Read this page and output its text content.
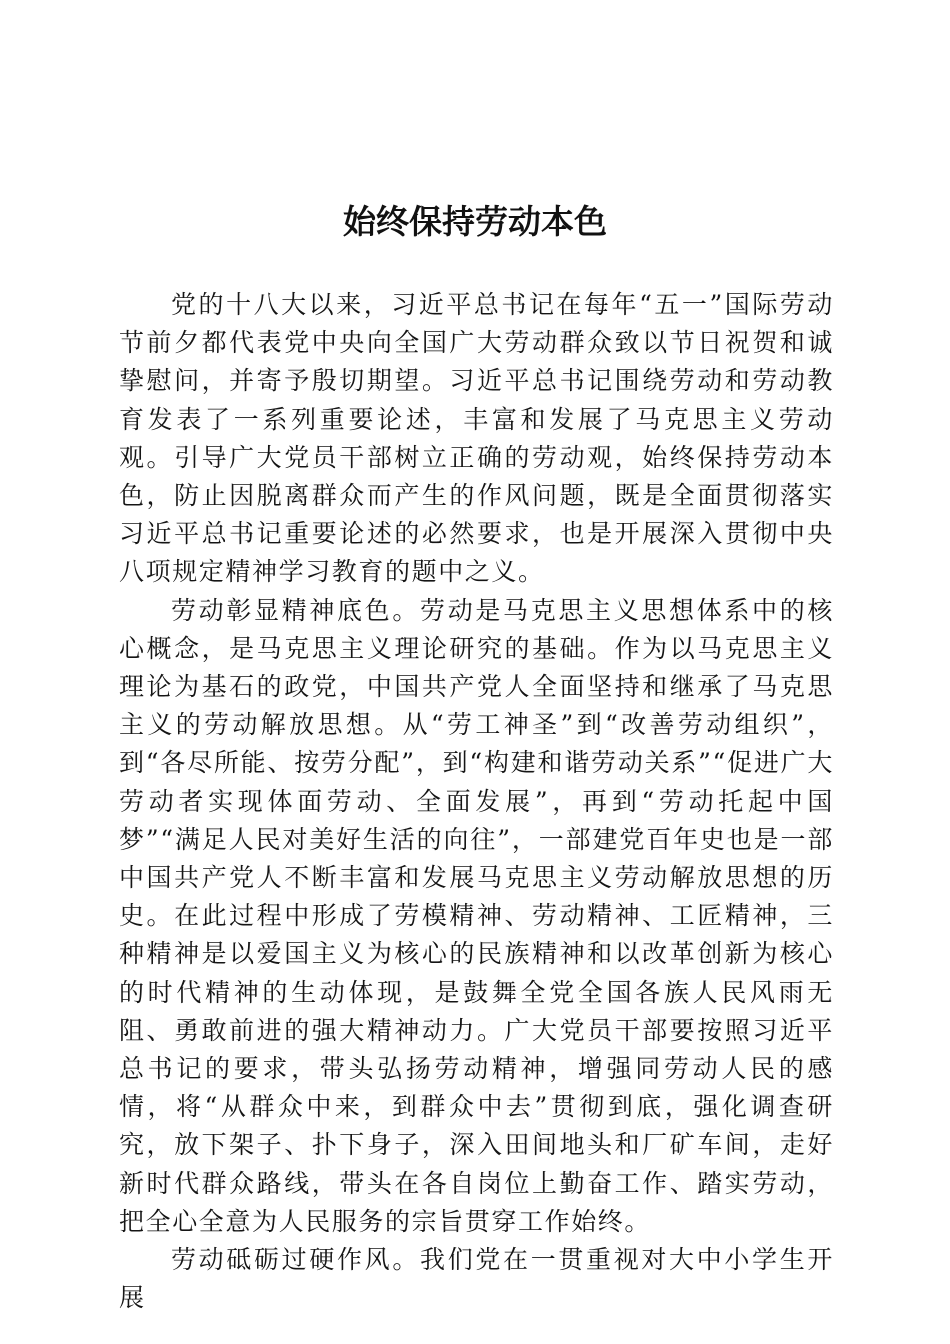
始终保持劳动本色

党的十八大以来，习近平总书记在每年“五一”国际劳动节前夕都代表党中央向全国广大劳动群众致以节日祝贺和诚挚慰问，并寄予殷切期望。习近平总书记围绕劳动和劳动教育发表了一系列重要论述，丰富和发展了马克思主义劳动观。引导广大党员干部树立正确的劳动观，始终保持劳动本色，防止因脱离群众而产生的作风问题，既是全面贯彻落实习近平总书记重要论述的必然要求，也是开展深入贯彻中央八项规定精神学习教育的题中之义。

劳动彰显精神底色。劳动是马克思主义思想体系中的核心概念，是马克思主义理论研究的基础。作为以马克思主义理论为基石的政党，中国共产党人全面坚持和继承了马克思主义的劳动解放思想。从“劳工神圣”到“改善劳动组织”，到“各尽所能、按劳分配”，到“构建和谐劳动关系”“促进广大劳动者实现体面劳动、全面发展”，再到“劳动托起中国梦”“满足人民对美好生活的向往”，一部建党百年史也是一部中国共产党人不断丰富和发展马克思主义劳动解放思想的历史。在此过程中形成了劳模精神、劳动精神、工匠精神，三种精神是以爱国主义为核心的民族精神和以改革创新为核心的时代精神的生动体现，是鼓舞全党全国各族人民风雨无阻、勇敢前进的强大精神动力。广大党员干部要按照习近平总书记的要求，带头弘扬劳动精神，增强同劳动人民的感情，将“从群众中来，到群众中去”贯彻到底，强化调查研究，放下架子、扑下身子，深入田间地头和厂矿车间，走好新时代群众路线，带头在各自岗位上勤奋工作、踏实劳动，把全心全意为人民服务的宗旨贯穿工作始终。

劳动砥砺过硬作风。我们党在一贯重视对大中小学生开展
